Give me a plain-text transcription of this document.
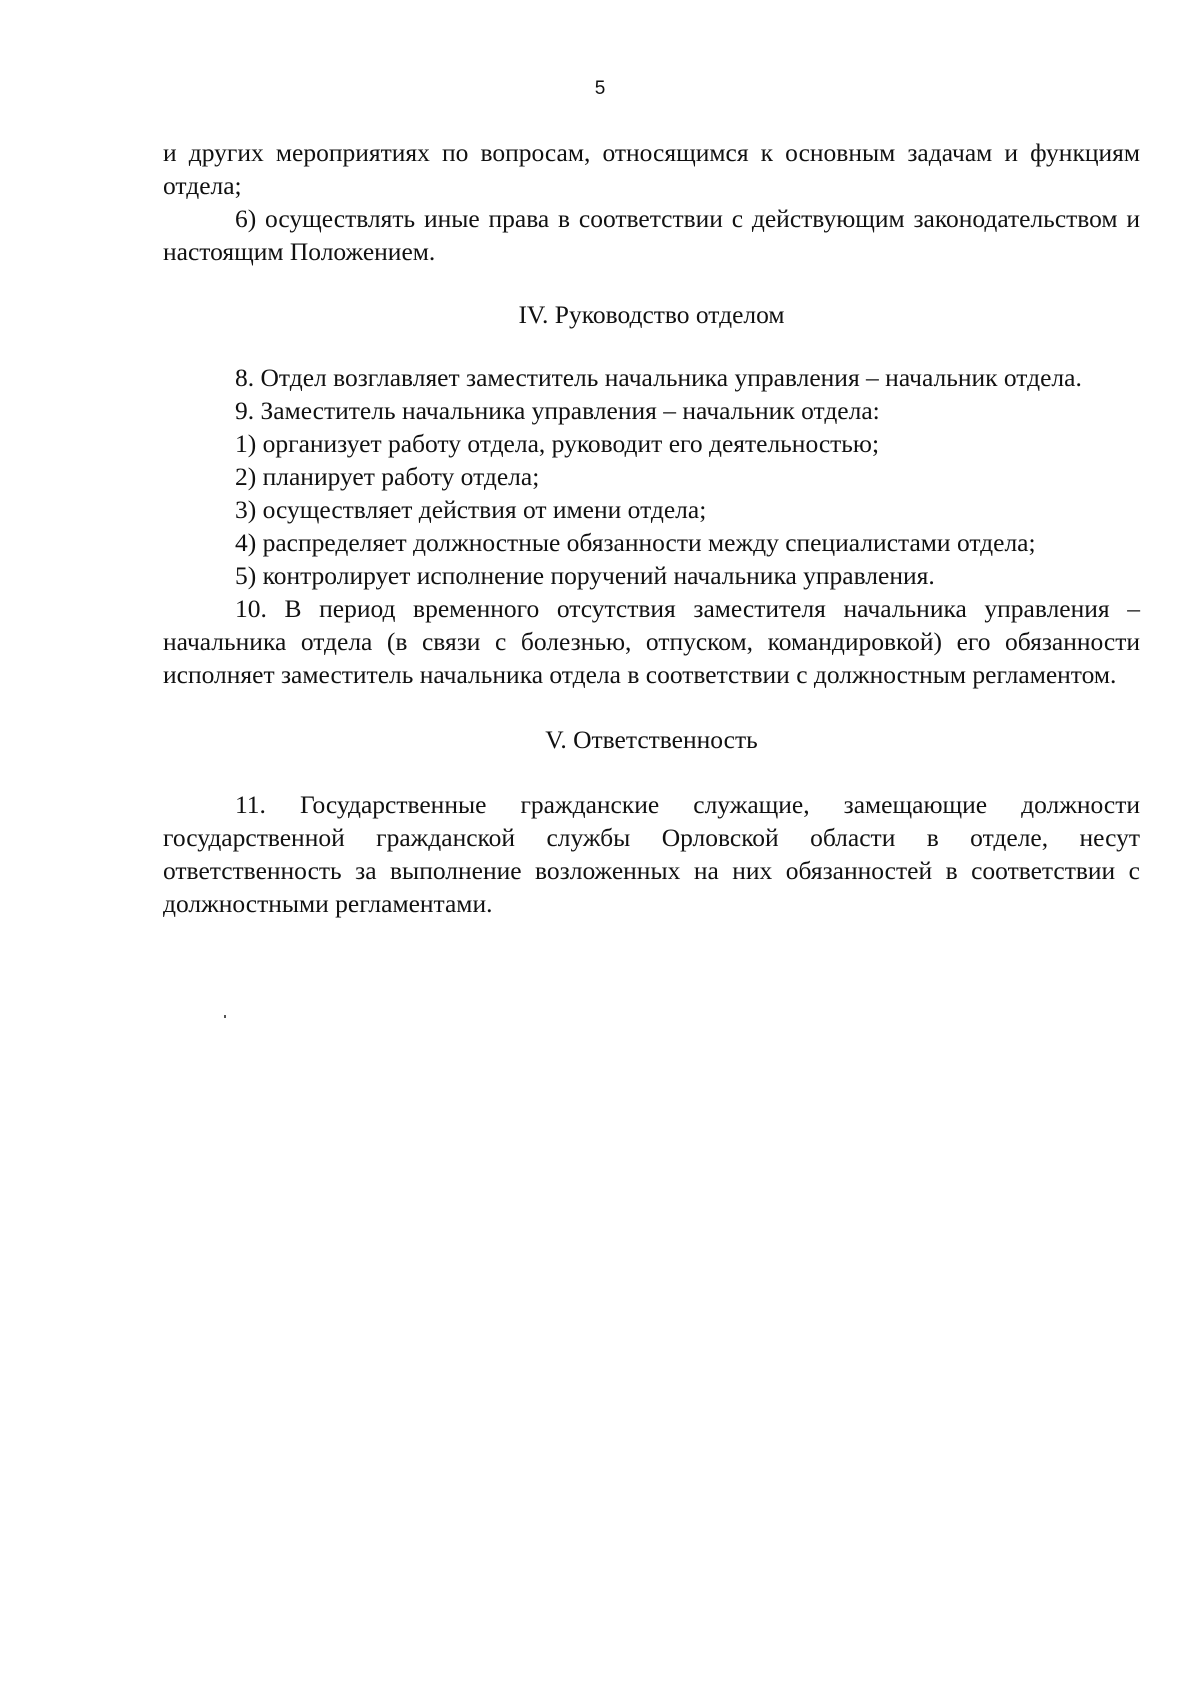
5

и других мероприятиях по вопросам, относящимся к основным задачам и функциям отдела;

6) осуществлять иные права в соответствии с действующим законодательством и настоящим Положением.

IV. Руководство отделом

8. Отдел возглавляет заместитель начальника управления – начальник отдела.

9. Заместитель начальника управления – начальник отдела:

1) организует работу отдела, руководит его деятельностью;

2) планирует работу отдела;

3) осуществляет действия от имени отдела;

4) распределяет должностные обязанности между специалистами отдела;

5) контролирует исполнение поручений начальника управления.

10. В период временного отсутствия заместителя начальника управления – начальника отдела (в связи с болезнью, отпуском, командировкой) его обязанности исполняет заместитель начальника отдела в соответствии с должностным регламентом.

V. Ответственность

11. Государственные гражданские служащие, замещающие должности государственной гражданской службы Орловской области в отделе, несут ответственность за выполнение возложенных на них обязанностей в соответствии с должностными регламентами.
